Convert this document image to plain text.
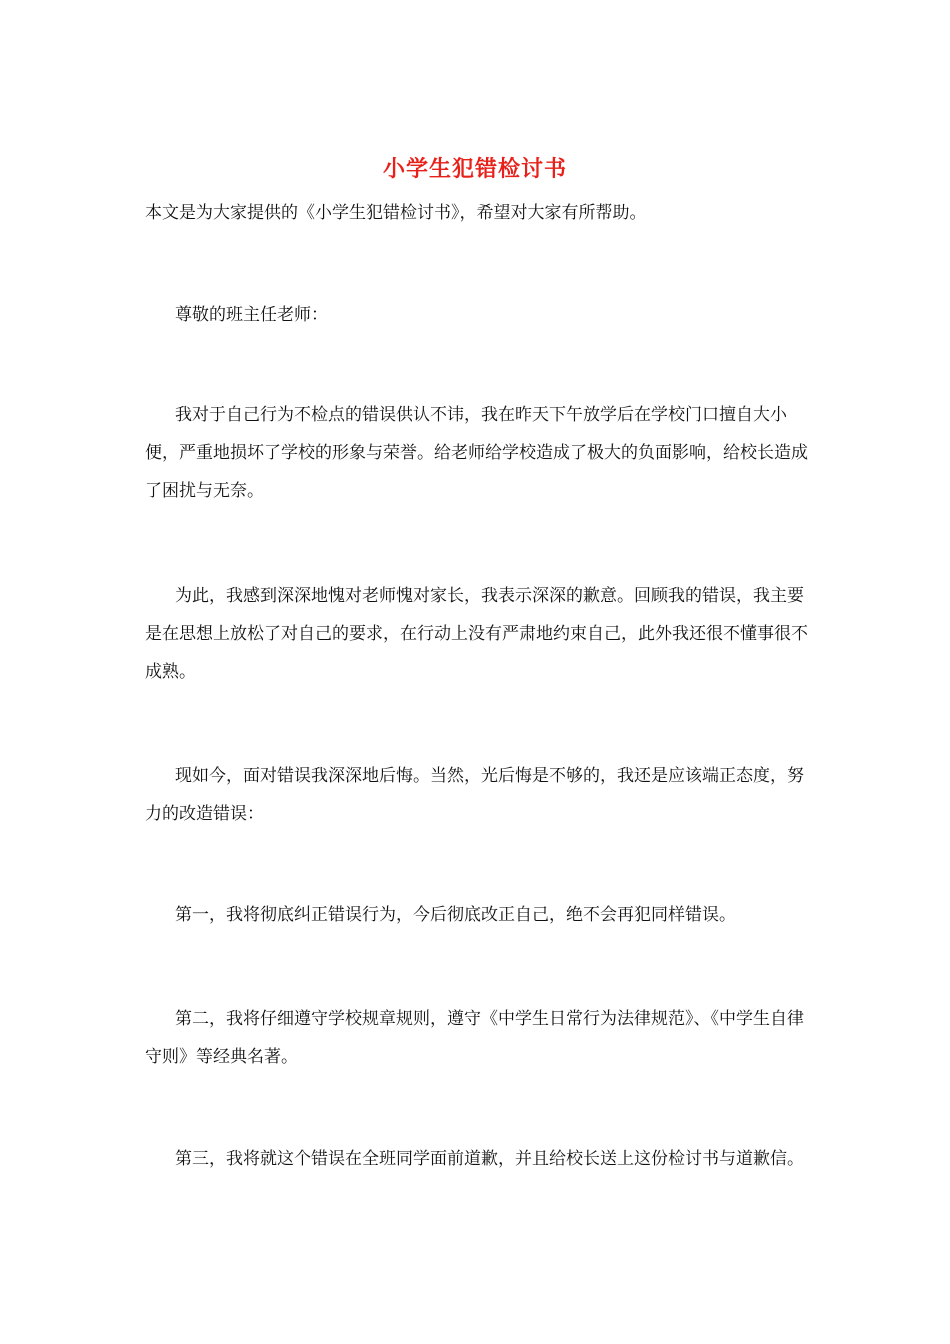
小学生犯错检讨书
本文是为大家提供的《小学生犯错检讨书》，希望对大家有所帮助。

尊敬的班主任老师：

我对于自己行为不检点的错误供认不讳，我在昨天下午放学后在学校门口擅自大小便，严重地损坏了学校的形象与荣誉。给老师给学校造成了极大的负面影响，给校长造成了困扰与无奈。

为此，我感到深深地愧对老师愧对家长，我表示深深的歉意。回顾我的错误，我主要是在思想上放松了对自己的要求，在行动上没有严肃地约束自己，此外我还很不懂事很不成熟。

现如今，面对错误我深深地后悔。当然，光后悔是不够的，我还是应该端正态度，努力的改造错误：

第一，我将彻底纠正错误行为，今后彻底改正自己，绝不会再犯同样错误。

第二，我将仔细遵守学校规章规则，遵守《中学生日常行为法律规范》、《中学生自律守则》等经典名著。

第三，我将就这个错误在全班同学面前道歉，并且给校长送上这份检讨书与道歉信。
